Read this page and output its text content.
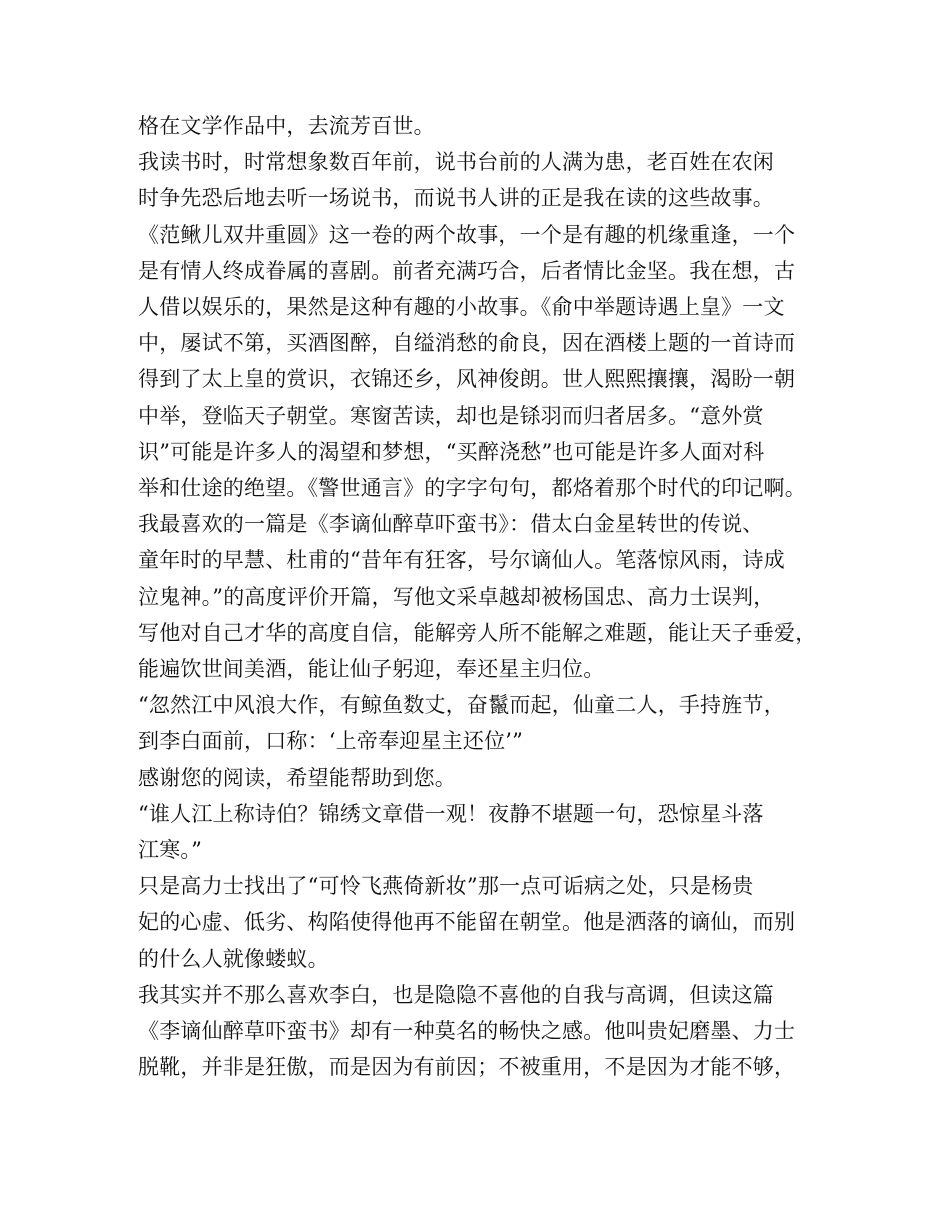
格在文学作品中，去流芳百世。
我读书时，时常想象数百年前，说书台前的人满为患，老百姓在农闲
时争先恐后地去听一场说书，而说书人讲的正是我在读的这些故事。
《范鳅儿双井重圆》这一卷的两个故事，一个是有趣的机缘重逢，一个
是有情人终成眷属的喜剧。前者充满巧合，后者情比金坚。我在想，古
人借以娱乐的，果然是这种有趣的小故事。《俞中举题诗遇上皇》一文
中，屡试不第，买酒图醉，自缢消愁的俞良，因在酒楼上题的一首诗而
得到了太上皇的赏识，衣锦还乡，风神俊朗。世人熙熙攘攘，渴盼一朝
中举，登临天子朝堂。寒窗苦读，却也是铩羽而归者居多。“意外赏
识”可能是许多人的渴望和梦想，“买醉浇愁”也可能是许多人面对科
举和仕途的绝望。《警世通言》的字字句句，都烙着那个时代的印记啊。
我最喜欢的一篇是《李谪仙醉草吓蛮书》：借太白金星转世的传说、
童年时的早慧、杜甫的“昔年有狂客，号尔谪仙人。笔落惊风雨，诗成
泣鬼神。”的高度评价开篇，写他文采卓越却被杨国忠、高力士误判，
写他对自己才华的高度自信，能解旁人所不能解之难题，能让天子垂爱，
能遍饮世间美酒，能让仙子躬迎，奉还星主归位。
“忽然江中风浪大作，有鲸鱼数丈，奋鬣而起，仙童二人，手持旌节，
到李白面前，口称：‘上帝奉迎星主还位’”
感谢您的阅读，希望能帮助到您。
“谁人江上称诗伯？锦绣文章借一观！夜静不堪题一句，恐惊星斗落
江寒。”
只是高力士找出了“可怜飞燕倚新妆”那一点可诟病之处，只是杨贵
妃的心虚、低劣、构陷使得他再不能留在朝堂。他是洒落的谪仙，而别
的什么人就像蝼蚁。
我其实并不那么喜欢李白，也是隐隐不喜他的自我与高调，但读这篇
《李谪仙醉草吓蛮书》却有一种莫名的畅快之感。他叫贵妃磨墨、力士
脱靴，并非是狂傲，而是因为有前因；不被重用，不是因为才能不够，
